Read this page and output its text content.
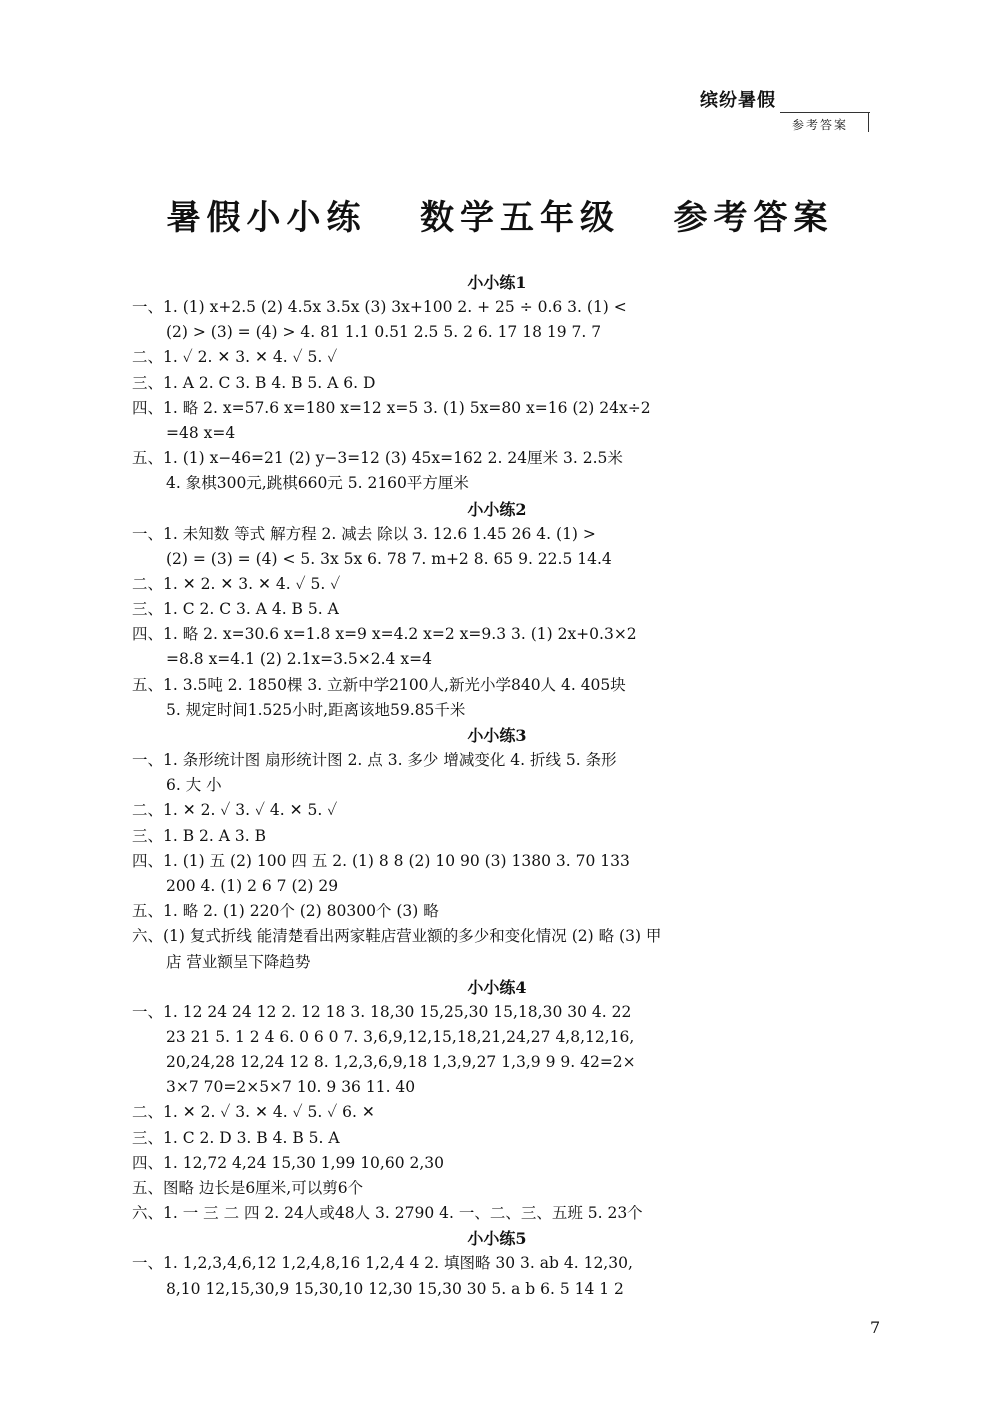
缤纷暑假
参考答案
暑假小小练   数学五年级   参考答案
小小练1
一、1. (1) x+2.5 (2) 4.5x 3.5x (3) 3x+100 2. + 25 ÷ 0.6 3. (1) <
(2) > (3) = (4) > 4. 81 1.1 0.51 2.5 5. 2 6. 17 18 19 7. 7
二、1. ✓ 2. ✕ 3. ✕ 4. ✓ 5. ✓
三、1. A 2. C 3. B 4. B 5. A 6. D
四、1. 略 2. x=57.6 x=180 x=12 x=5 3. (1) 5x=80 x=16 (2) 24x÷2
=48 x=4
五、1. (1) x−46=21 (2) y−3=12 (3) 45x=162 2. 24厘米 3. 2.5米
4. 象棋300元,跳棋660元 5. 2160平方厘米
小小练2
一、1. 未知数 等式 解方程 2. 减去 除以 3. 12.6 1.45 26 4. (1) >
(2) = (3) = (4) < 5. 3x 5x 6. 78 7. m+2 8. 65 9. 22.5 14.4
二、1. ✕ 2. ✕ 3. ✕ 4. ✓ 5. ✓
三、1. C 2. C 3. A 4. B 5. A
四、1. 略 2. x=30.6 x=1.8 x=9 x=4.2 x=2 x=9.3 3. (1) 2x+0.3×2
=8.8 x=4.1 (2) 2.1x=3.5×2.4 x=4
五、1. 3.5吨 2. 1850棵 3. 立新中学2100人,新光小学840人 4. 405块
5. 规定时间1.525小时,距离该地59.85千米
小小练3
一、1. 条形统计图 扇形统计图 2. 点 3. 多少 增减变化 4. 折线 5. 条形
6. 大 小
二、1. ✕ 2. ✓ 3. ✓ 4. ✕ 5. ✓
三、1. B 2. A 3. B
四、1. (1) 五 (2) 100 四 五 2. (1) 8 8 (2) 10 90 (3) 1380 3. 70 133
200 4. (1) 2 6 7 (2) 29
五、1. 略 2. (1) 220个 (2) 80300个 (3) 略
六、(1) 复式折线 能清楚看出两家鞋店营业额的多少和变化情况 (2) 略 (3) 甲
店 营业额呈下降趋势
小小练4
一、1. 12 24 24 12 2. 12 18 3. 18,30 15,25,30 15,18,30 30 4. 22
23 21 5. 1 2 4 6. 0 6 0 7. 3,6,9,12,15,18,21,24,27 4,8,12,16,
20,24,28 12,24 12 8. 1,2,3,6,9,18 1,3,9,27 1,3,9 9 9. 42=2×
3×7 70=2×5×7 10. 9 36 11. 40
二、1. ✕ 2. ✓ 3. ✕ 4. ✓ 5. ✓ 6. ✕
三、1. C 2. D 3. B 4. B 5. A
四、1. 12,72 4,24 15,30 1,99 10,60 2,30
五、图略 边长是6厘米,可以剪6个
六、1. 一 三 二 四 2. 24人或48人 3. 2790 4. 一、二、三、五班 5. 23个
小小练5
一、1. 1,2,3,4,6,12 1,2,4,8,16 1,2,4 4 2. 填图略 30 3. ab 4. 12,30,
8,10 12,15,30,9 15,30,10 12,30 15,30 30 5. a b 6. 5 14 1 2
7
